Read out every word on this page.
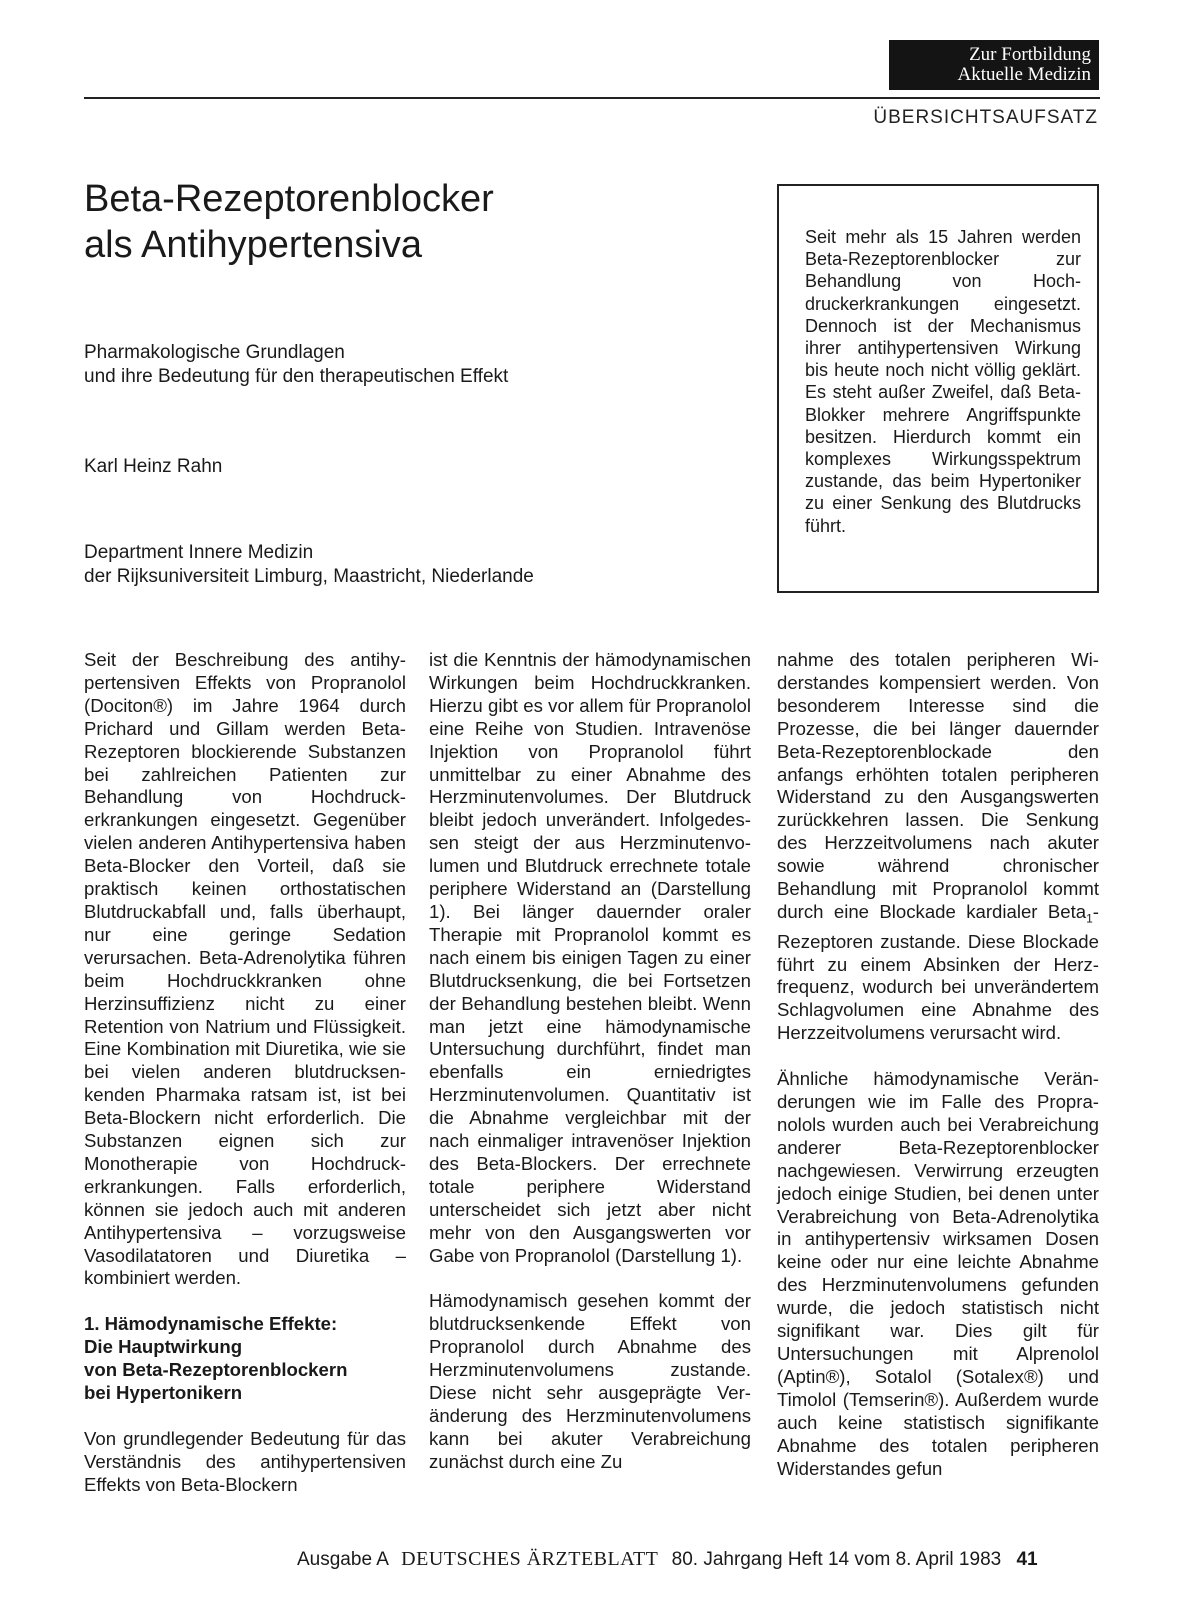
Zur Fortbildung
Aktuelle Medizin
ÜBERSICHTSAUFSATZ
Beta-Rezeptorenblocker
als Antihypertensiva
Pharmakologische Grundlagen
und ihre Bedeutung für den therapeutischen Effekt
Karl Heinz Rahn
Department Innere Medizin
der Rijksuniversiteit Limburg, Maastricht, Niederlande
Seit mehr als 15 Jahren werden Beta-Rezeptorenblocker zur Behandlung von Hochdruckerkrankungen eingesetzt. Dennoch ist der Mechanismus ihrer antihypertensiven Wirkung bis heute noch nicht völlig geklärt. Es steht außer Zweifel, daß Beta-Blokker mehrere Angriffspunkte besitzen. Hierdurch kommt ein komplexes Wirkungsspektrum zustande, das beim Hypertoniker zu einer Senkung des Blutdrucks führt.

Seit der Beschreibung des antihypertensiven Effekts von Propranolol (Dociton®) im Jahre 1964 durch Prichard und Gillam werden Beta-Rezeptoren blockierende Substanzen bei zahlreichen Patienten zur Behandlung von Hochdruckerkrankungen eingesetzt. Gegenüber vielen anderen Antihypertensiva haben Beta-Blocker den Vorteil, daß sie praktisch keinen orthostatischen Blutdruckabfall und, falls überhaupt, nur eine geringe Sedation verursachen. Beta-Adrenolytika führen beim Hochdruckkranken ohne Herzinsuffizienz nicht zu einer Retention von Natrium und Flüssigkeit. Eine Kombination mit Diuretika, wie sie bei vielen anderen blutdrucksenkenden Pharmaka ratsam ist, ist bei Beta-Blockern nicht erforderlich. Die Substanzen eignen sich zur Monotherapie von Hochdruckerkrankungen. Falls erforderlich, können sie jedoch auch mit anderen Antihypertensiva – vorzugsweise Vasodilatatoren und Diuretika – kombiniert werden.

1. Hämodynamische Effekte:
Die Hauptwirkung
von Beta-Rezeptorenblockern
bei Hypertonikern

Von grundlegender Bedeutung für das Verständnis des antihypertensiven Effekts von Beta-Blockern

ist die Kenntnis der hämodynamischen Wirkungen beim Hochdruckkranken. Hierzu gibt es vor allem für Propranolol eine Reihe von Studien. Intravenöse Injektion von Propranolol führt unmittelbar zu einer Abnahme des Herzminutenvolumes. Der Blutdruck bleibt jedoch unverändert. Infolgedessen steigt der aus Herzminutenvolumen und Blutdruck errechnete totale periphere Widerstand an (Darstellung 1). Bei länger dauernder oraler Therapie mit Propranolol kommt es nach einem bis einigen Tagen zu einer Blutdrucksenkung, die bei Fortsetzen der Behandlung bestehen bleibt. Wenn man jetzt eine hämodynamische Untersuchung durchführt, findet man ebenfalls ein erniedrigtes Herzminutenvolumen. Quantitativ ist die Abnahme vergleichbar mit der nach einmaliger intravenöser Injektion des Beta-Blockers. Der errechnete totale periphere Widerstand unterscheidet sich jetzt aber nicht mehr von den Ausgangswerten vor Gabe von Propranolol (Darstellung 1).

Hämodynamisch gesehen kommt der blutdrucksenkende Effekt von Propranolol durch Abnahme des Herzminutenvolumens zustande. Diese nicht sehr ausgeprägte Veränderung des Herzminutenvolumens kann bei akuter Verabreichung zunächst durch eine Zu

nahme des totalen peripheren Widerstandes kompensiert werden. Von besonderem Interesse sind die Prozesse, die bei länger dauernder Beta-Rezeptorenblockade den anfangs erhöhten totalen peripheren Widerstand zu den Ausgangswerten zurückkehren lassen. Die Senkung des Herzzeitvolumens nach akuter sowie während chronischer Behandlung mit Propranolol kommt durch eine Blockade kardialer Beta$_1$-Rezeptoren zustande. Diese Blockade führt zu einem Absinken der Herzfrequenz, wodurch bei unverändertem Schlagvolumen eine Abnahme des Herzzeitvolumens verursacht wird.

Ähnliche hämodynamische Veränderungen wie im Falle des Propranolols wurden auch bei Verabreichung anderer Beta-Rezeptorenblocker nachgewiesen. Verwirrung erzeugten jedoch einige Studien, bei denen unter Verabreichung von Beta-Adrenolytika in antihypertensiv wirksamen Dosen keine oder nur eine leichte Abnahme des Herzminutenvolumens gefunden wurde, die jedoch statistisch nicht signifikant war. Dies gilt für Untersuchungen mit Alprenolol (Aptin®), Sotalol (Sotalex®) und Timolol (Temserin®). Außerdem wurde auch keine statistisch signifikante Abnahme des totalen peripheren Widerstandes gefun

Ausgabe A DEUTSCHES ÄRZTEBLATT 80. Jahrgang Heft 14 vom 8. April 1983 41
